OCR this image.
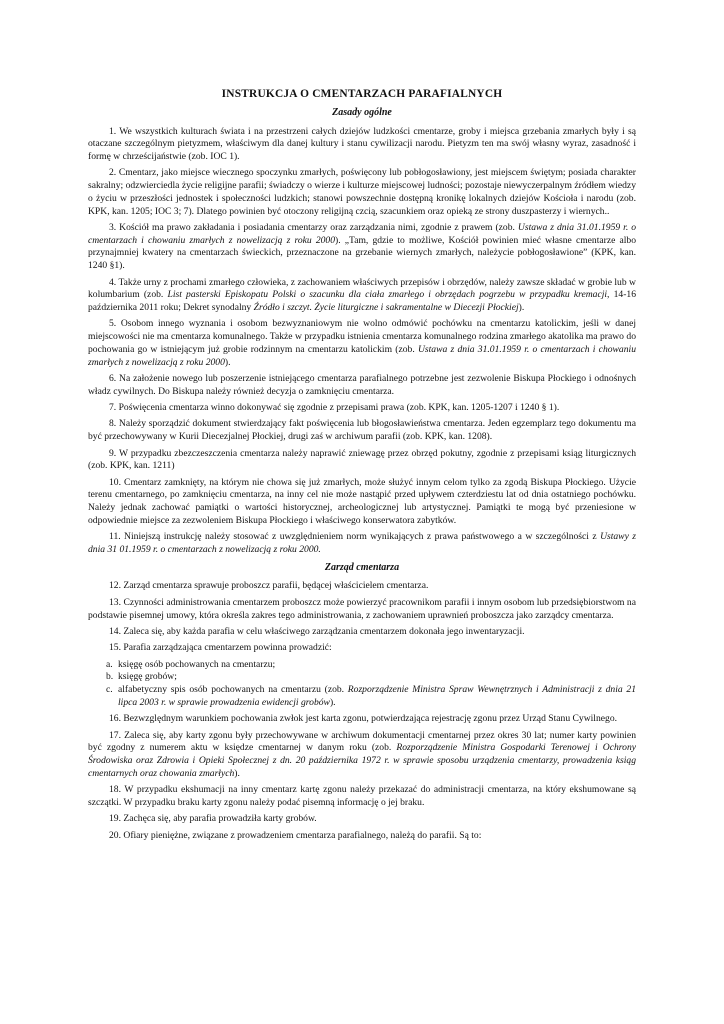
INSTRUKCJA O CMENTARZACH PARAFIALNYCH
Zasady ogólne
1. We wszystkich kulturach świata i na przestrzeni całych dziejów ludzkości cmentarze, groby i miejsca grzebania zmarłych były i są otaczane szczególnym pietyzmem, właściwym dla danej kultury i stanu cywilizacji narodu. Pietyzm ten ma swój własny wyraz, zasadność i formę w chrześcijaństwie (zob. IOC 1).
2. Cmentarz, jako miejsce wiecznego spoczynku zmarłych, poświęcony lub pobłogosławiony, jest miejscem świętym; posiada charakter sakralny; odzwierciedla życie religijne parafii; świadczy o wierze i kulturze miejscowej ludności; pozostaje niewyczerpalnym źródłem wiedzy o życiu w przeszłości jednostek i społeczności ludzkich; stanowi powszechnie dostępną kronikę lokalnych dziejów Kościoła i narodu (zob. KPK, kan. 1205; IOC 3; 7). Dlatego powinien być otoczony religijną czcią, szacunkiem oraz opieką ze strony duszpasterzy i wiernych..
3. Kościół ma prawo zakładania i posiadania cmentarzy oraz zarządzania nimi, zgodnie z prawem (zob. Ustawa z dnia 31.01.1959 r. o cmentarzach i chowaniu zmarłych z nowelizacją z roku 2000). „Tam, gdzie to możliwe, Kościół powinien mieć własne cmentarze albo przynajmniej kwatery na cmentarzach świeckich, przeznaczone na grzebanie wiernych zmarłych, należycie pobłogosławione” (KPK, kan. 1240 §1).
4. Także urny z prochami zmarłego człowieka, z zachowaniem właściwych przepisów i obrzędów, należy zawsze składać w grobie lub w kolumbarium (zob. List pasterski Episkopatu Polski o szacunku dla ciała zmarłego i obrzędach pogrzebu w przypadku kremacji, 14-16 października 2011 roku; Dekret synodalny Źródło i szczyt. Życie liturgiczne i sakramentalne w Diecezji Płockiej).
5. Osobom innego wyznania i osobom bezwyznaniowym nie wolno odmówić pochówku na cmentarzu katolickim, jeśli w danej miejscowości nie ma cmentarza komunalnego. Także w przypadku istnienia cmentarza komunalnego rodzina zmarłego akatolika ma prawo do pochowania go w istniejącym już grobie rodzinnym na cmentarzu katolickim (zob. Ustawa z dnia 31.01.1959 r. o cmentarzach i chowaniu zmarłych z nowelizacją z roku 2000).
6. Na założenie nowego lub poszerzenie istniejącego cmentarza parafialnego potrzebne jest zezwolenie Biskupa Płockiego i odnośnych władz cywilnych. Do Biskupa należy również decyzja o zamknięciu cmentarza.
7. Poświęcenia cmentarza winno dokonywać się zgodnie z przepisami prawa (zob. KPK, kan. 1205-1207 i 1240 § 1).
8. Należy sporządzić dokument stwierdzający fakt poświęcenia lub błogosławieństwa cmentarza. Jeden egzemplarz tego dokumentu ma być przechowywany w Kurii Diecezjalnej Płockiej, drugi zaś w archiwum parafii (zob. KPK, kan. 1208).
9. W przypadku zbezczeszczenia cmentarza należy naprawić zniewagę przez obrzęd pokutny, zgodnie z przepisami ksiąg liturgicznych (zob. KPK, kan. 1211)
10. Cmentarz zamknięty, na którym nie chowa się już zmarłych, może służyć innym celom tylko za zgodą Biskupa Płockiego. Użycie terenu cmentarnego, po zamknięciu cmentarza, na inny cel nie może nastąpić przed upływem czterdziestu lat od dnia ostatniego pochówku. Należy jednak zachować pamiątki o wartości historycznej, archeologicznej lub artystycznej. Pamiątki te mogą być przeniesione w odpowiednie miejsce za zezwoleniem Biskupa Płockiego i właściwego konserwatora zabytków.
11. Niniejszą instrukcję należy stosować z uwzględnieniem norm wynikających z prawa państwowego a w szczególności z Ustawy z dnia 31 01.1959 r. o cmentarzach z nowelizacją z roku 2000.
Zarząd cmentarza
12. Zarząd cmentarza sprawuje proboszcz parafii, będącej właścicielem cmentarza.
13. Czynności administrowania cmentarzem proboszcz może powierzyć pracownikom parafii i innym osobom lub przedsiębiorstwom na podstawie pisemnej umowy, która określa zakres tego administrowania, z zachowaniem uprawnień proboszcza jako zarządcy cmentarza.
14. Zaleca się, aby każda parafia w celu właściwego zarządzania cmentarzem dokonała jego inwentaryzacji.
15. Parafia zarządzająca cmentarzem powinna prowadzić:
a. księgę osób pochowanych na cmentarzu;
b. księgę grobów;
c. alfabetyczny spis osób pochowanych na cmentarzu (zob. Rozporządzenie Ministra Spraw Wewnętrznych i Administracji z dnia 21 lipca 2003 r. w sprawie prowadzenia ewidencji grobów).
16. Bezwzględnym warunkiem pochowania zwłok jest karta zgonu, potwierdzająca rejestrację zgonu przez Urząd Stanu Cywilnego.
17. Zaleca się, aby karty zgonu były przechowywane w archiwum dokumentacji cmentarnej przez okres 30 lat; numer karty powinien być zgodny z numerem aktu w księdze cmentarnej w danym roku (zob. Rozporządzenie Ministra Gospodarki Terenowej i Ochrony Środowiska oraz Zdrowia i Opieki Społecznej z dn. 20 października 1972 r. w sprawie sposobu urządzenia cmentarzy, prowadzenia ksiąg cmentarnych oraz chowania zmarłych).
18. W przypadku ekshumacji na inny cmentarz kartę zgonu należy przekazać do administracji cmentarza, na który ekshumowane są szczątki. W przypadku braku karty zgonu należy podać pisemną informację o jej braku.
19. Zachęca się, aby parafia prowadziła karty grobów.
20. Ofiary pieniężne, związane z prowadzeniem cmentarza parafialnego, należą do parafii. Są to:
